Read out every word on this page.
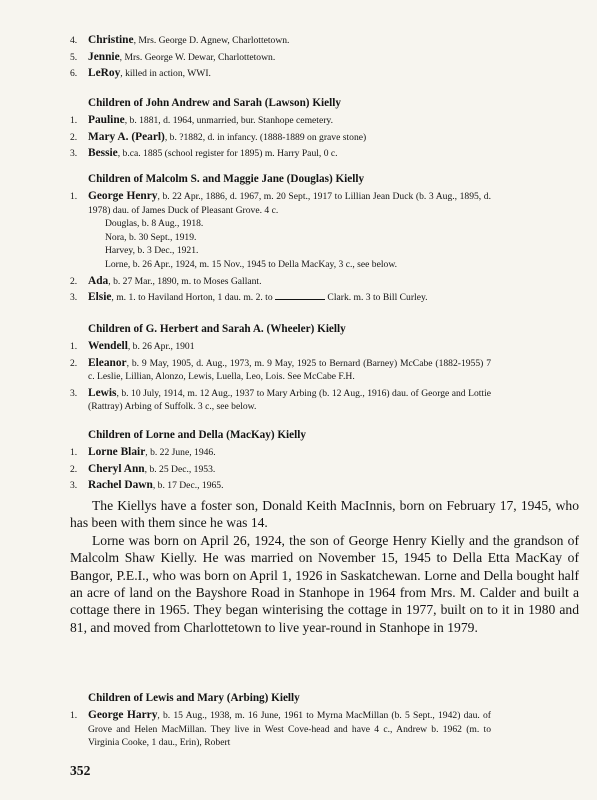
4. Christine, Mrs. George D. Agnew, Charlottetown.
5. Jennie, Mrs. George W. Dewar, Charlottetown.
6. LeRoy, killed in action, WWI.
Children of John Andrew and Sarah (Lawson) Kielly
1. Pauline, b. 1881, d. 1964, unmarried, bur. Stanhope cemetery.
2. Mary A. (Pearl), b. ?1882, d. in infancy. (1888-1889 on grave stone)
3. Bessie, b.ca. 1885 (school register for 1895) m. Harry Paul, 0 c.
Children of Malcolm S. and Maggie Jane (Douglas) Kielly
1. George Henry, b. 22 Apr., 1886, d. 1967, m. 20 Sept., 1917 to Lillian Jean Duck (b. 3 Aug., 1895, d. 1978) dau. of James Duck of Pleasant Grove. 4 c.
Douglas, b. 8 Aug., 1918.
Nora, b. 30 Sept., 1919.
Harvey, b. 3 Dec., 1921.
Lorne, b. 26 Apr., 1924, m. 15 Nov., 1945 to Della MacKay, 3 c., see below.
2. Ada, b. 27 Mar., 1890, m. to Moses Gallant.
3. Elsie, m. 1. to Haviland Horton, 1 dau. m. 2. to	Clark. m. 3 to Bill Curley.
Children of G. Herbert and Sarah A. (Wheeler) Kielly
1. Wendell, b. 26 Apr., 1901
2. Eleanor, b. 9 May, 1905, d. Aug., 1973, m. 9 May, 1925 to Bernard (Barney) McCabe (1882-1955) 7 c. Leslie, Lillian, Alonzo, Lewis, Luella, Leo, Lois. See McCabe F.H.
3. Lewis, b. 10 July, 1914, m. 12 Aug., 1937 to Mary Arbing (b. 12 Aug., 1916) dau. of George and Lottie (Rattray) Arbing of Suffolk. 3 c., see below.
Children of Lorne and Della (MacKay) Kielly
1. Lorne Blair, b. 22 June, 1946.
2. Cheryl Ann, b. 25 Dec., 1953.
3. Rachel Dawn, b. 17 Dec., 1965.

The Kiellys have a foster son, Donald Keith MacInnis, born on February 17, 1945, who has been with them since he was 14.

Lorne was born on April 26, 1924, the son of George Henry Kielly and the grandson of Malcolm Shaw Kielly. He was married on November 15, 1945 to Della Etta MacKay of Bangor, P.E.I., who was born on April 1, 1926 in Saskatchewan. Lorne and Della bought half an acre of land on the Bayshore Road in Stanhope in 1964 from Mrs. M. Calder and built a cottage there in 1965. They began winterising the cottage in 1977, built on to it in 1980 and 81, and moved from Charlottetown to live year-round in Stanhope in 1979.

Children of Lewis and Mary (Arbing) Kielly
1. George Harry, b. 15 Aug., 1938, m. 16 June, 1961 to Myrna MacMillan (b. 5 Sept., 1942) dau. of Grove and Helen MacMillan. They live in West Cove-head and have 4 c., Andrew b. 1962 (m. to Virginia Cooke, 1 dau., Erin), Robert
352
